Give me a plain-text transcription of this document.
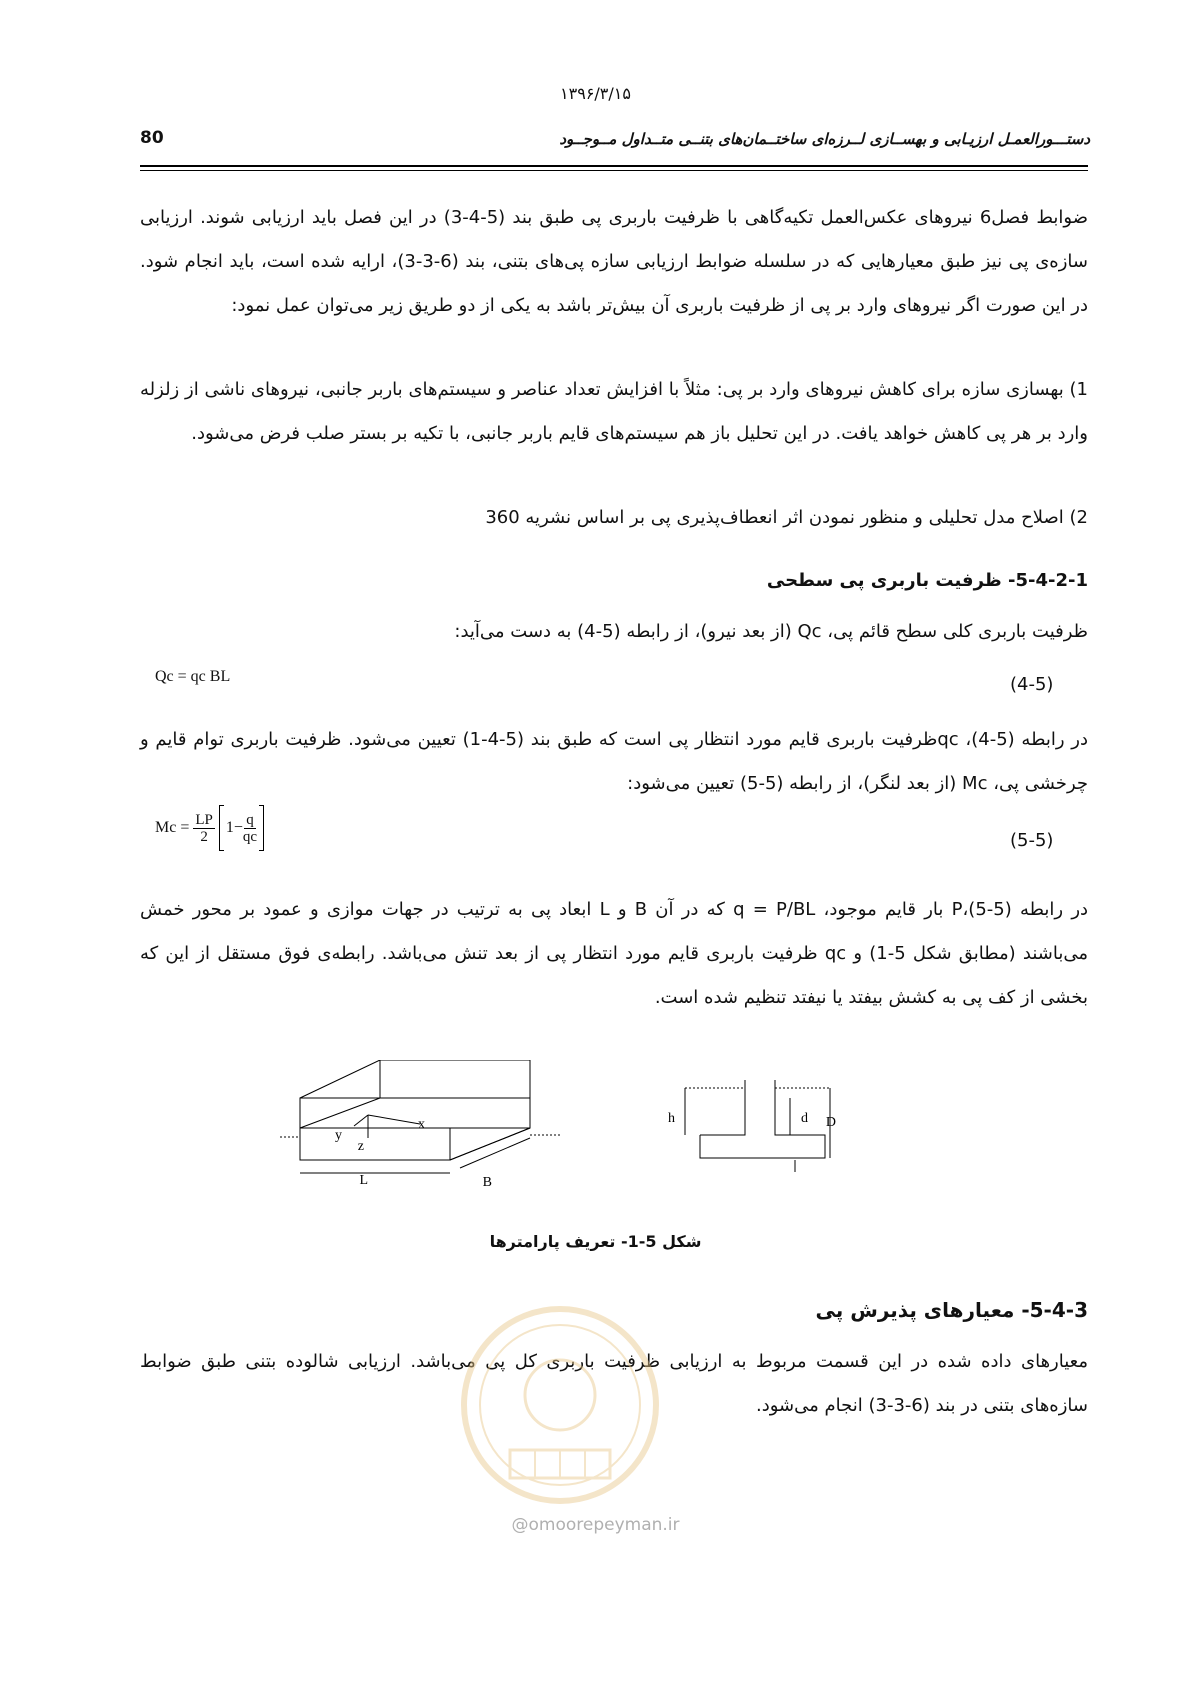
۱۳۹۶/۳/۱۵
80	دستـــورالعمـل ارزیـابی و بهســازی لــرزه‌ای ساختــمان‌های بتنــی متــداول مــوجــود
ضوابط فصل6 نیروهای عکس‌العمل تکیه‌گاهی با ظرفیت باربری پی طبق بند (5-4-3) در این فصل باید ارزیابی شوند. ارزیابی سازه‌ی پی نیز طبق معیارهایی که در سلسله ضوابط ارزیابی سازه پی‌های بتنی، بند (6-3-3)، ارایه شده است، باید انجام شود. در این صورت اگر نیروهای وارد بر پی از ظرفیت باربری آن بیش‌تر باشد به یکی از دو طریق زیر می‌توان عمل نمود:
1) بهسازی سازه برای کاهش نیروهای وارد بر پی: مثلاً با افزایش تعداد عناصر و سیستم‌های باربر جانبی، نیروهای ناشی از زلزله وارد بر هر پی کاهش خواهد یافت. در این تحلیل باز هم سیستم‌های قایم باربر جانبی، با تکیه بر بستر صلب فرض می‌شود.
2) اصلاح مدل تحلیلی و منظور نمودن اثر انعطاف‌پذیری پی بر اساس نشریه 360
5-4-2-1- ظرفیت باربری پی سطحی
ظرفیت باربری کلی سطح قائم پی، Qc (از بعد نیرو)، از رابطه (5-4) به دست می‌آید:
Qc = qc BL	(4-5)
در رابطه (5-4)، qcظرفیت باربری قایم مورد انتظار پی است که طبق بند (5-4-1) تعیین می‌شود. ظرفیت باربری توام قایم و چرخشی پی، Mc (از بعد لنگر)، از رابطه (5-5) تعیین می‌شود:
$Mc = \frac{LP}{2} 1- \frac{q}{qc}$	(5-5)
در رابطه (5-5)،P بار قایم موجود، q = P/BL که در آن B و L ابعاد پی به ترتیب در جهات موازی و عمود بر محور خمش می‌باشند (مطابق شکل 5-1) و qc ظرفیت باربری قایم مورد انتظار پی از بعد تنش می‌باشد. رابطه‌ی فوق مستقل از این که بخشی از کف پی به کشش بیفتد یا نیفتد تنظیم شده است.
x
y
z
L	B
h	d D
شکل 5-1- تعریف پارامترها
5-4-3- معیارهای پذیرش پی
معیارهای داده شده در این قسمت مربوط به ارزیابی ظرفیت باربری کل پی می‌باشد. ارزیابی شالوده بتنی طبق ضوابط سازه‌های بتنی در بند (6-3-3) انجام می‌شود.
@omoorepeyman.ir
